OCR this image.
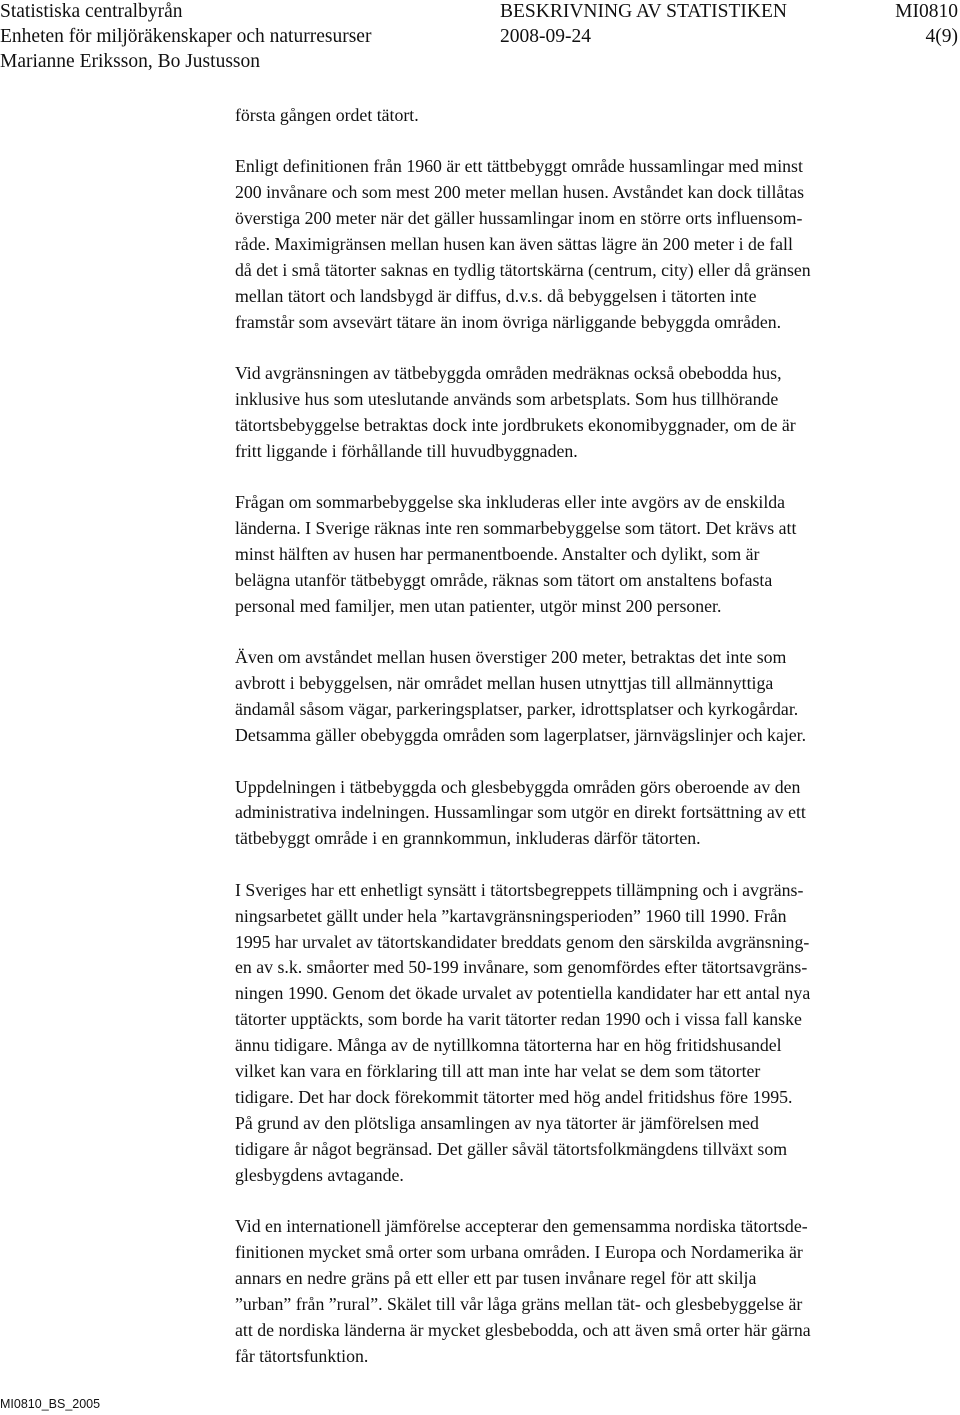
Statistiska centralbyrån

Enheten för miljöräkenskaper och naturresurser

Marianne Eriksson, Bo Justusson

BESKRIVNING AV STATISTIKEN

2008-09-24

MI0810

4(9)

första gången ordet tätort.

Enligt definitionen från 1960 är ett tättbebyggt område hussamlingar med minst
200 invånare och som mest 200 meter mellan husen. Avståndet kan dock tillåtas
överstiga 200 meter när det gäller hussamlingar inom en större orts influensom-
råde. Maximigränsen mellan husen kan även sättas lägre än 200 meter i de fall
då det i små tätorter saknas en tydlig tätortskärna (centrum, city) eller då gränsen
mellan tätort och landsbygd är diffus, d.v.s. då bebyggelsen i tätorten inte
framstår som avsevärt tätare än inom övriga närliggande bebyggda områden.

Vid avgränsningen av tätbebyggda områden medräknas också obebodda hus,
inklusive hus som uteslutande används som arbetsplats. Som hus tillhörande
tätortsbebyggelse betraktas dock inte jordbrukets ekonomibyggnader, om de är
fritt liggande i förhållande till huvudbyggnaden.

Frågan om sommarbebyggelse ska inkluderas eller inte avgörs av de enskilda
länderna. I Sverige räknas inte ren sommarbebyggelse som tätort. Det krävs att
minst hälften av husen har permanentboende. Anstalter och dylikt, som är
belägna utanför tätbebyggt område, räknas som tätort om anstaltens bofasta
personal med familjer, men utan patienter, utgör minst 200 personer.

Även om avståndet mellan husen överstiger 200 meter, betraktas det inte som
avbrott i bebyggelsen, när området mellan husen utnyttjas till allmännyttiga
ändamål såsom vägar, parkeringsplatser, parker, idrottsplatser och kyrkogårdar.
Detsamma gäller obebyggda områden som lagerplatser, järnvägslinjer och kajer.

Uppdelningen i tätbebyggda och glesbebyggda områden görs oberoende av den
administrativa indelningen. Hussamlingar som utgör en direkt fortsättning av ett
tätbebyggt område i en grannkommun, inkluderas därför tätorten.

I Sveriges har ett enhetligt synsätt i tätortsbegreppets tillämpning och i avgräns-
ningsarbetet gällt under hela ”kartavgränsningsperioden” 1960 till 1990. Från
1995 har urvalet av tätortskandidater breddats genom den särskilda avgränsning-
en av s.k. småorter med 50-199 invånare, som genomfördes efter tätortsavgräns-
ningen 1990. Genom det ökade urvalet av potentiella kandidater har ett antal nya
tätorter upptäckts, som borde ha varit tätorter redan 1990 och i vissa fall kanske
ännu tidigare. Många av de nytillkomna tätorterna har en hög fritidshusandel
vilket kan vara en förklaring till att man inte har velat se dem som tätorter
tidigare. Det har dock förekommit tätorter med hög andel fritidshus före 1995.
På grund av den plötsliga ansamlingen av nya tätorter är jämförelsen med
tidigare år något begränsad. Det gäller såväl tätortsfolkmängdens tillväxt som
glesbygdens avtagande.

Vid en internationell jämförelse accepterar den gemensamma nordiska tätortsde-
finitionen mycket små orter som urbana områden. I Europa och Nordamerika är
annars en nedre gräns på ett eller ett par tusen invånare regel för att skilja
”urban” från ”rural”. Skälet till vår låga gräns mellan tät- och glesbebyggelse är
att de nordiska länderna är mycket glesbebodda, och att även små orter här gärna
får tätortsfunktion.

MI0810_BS_2005
